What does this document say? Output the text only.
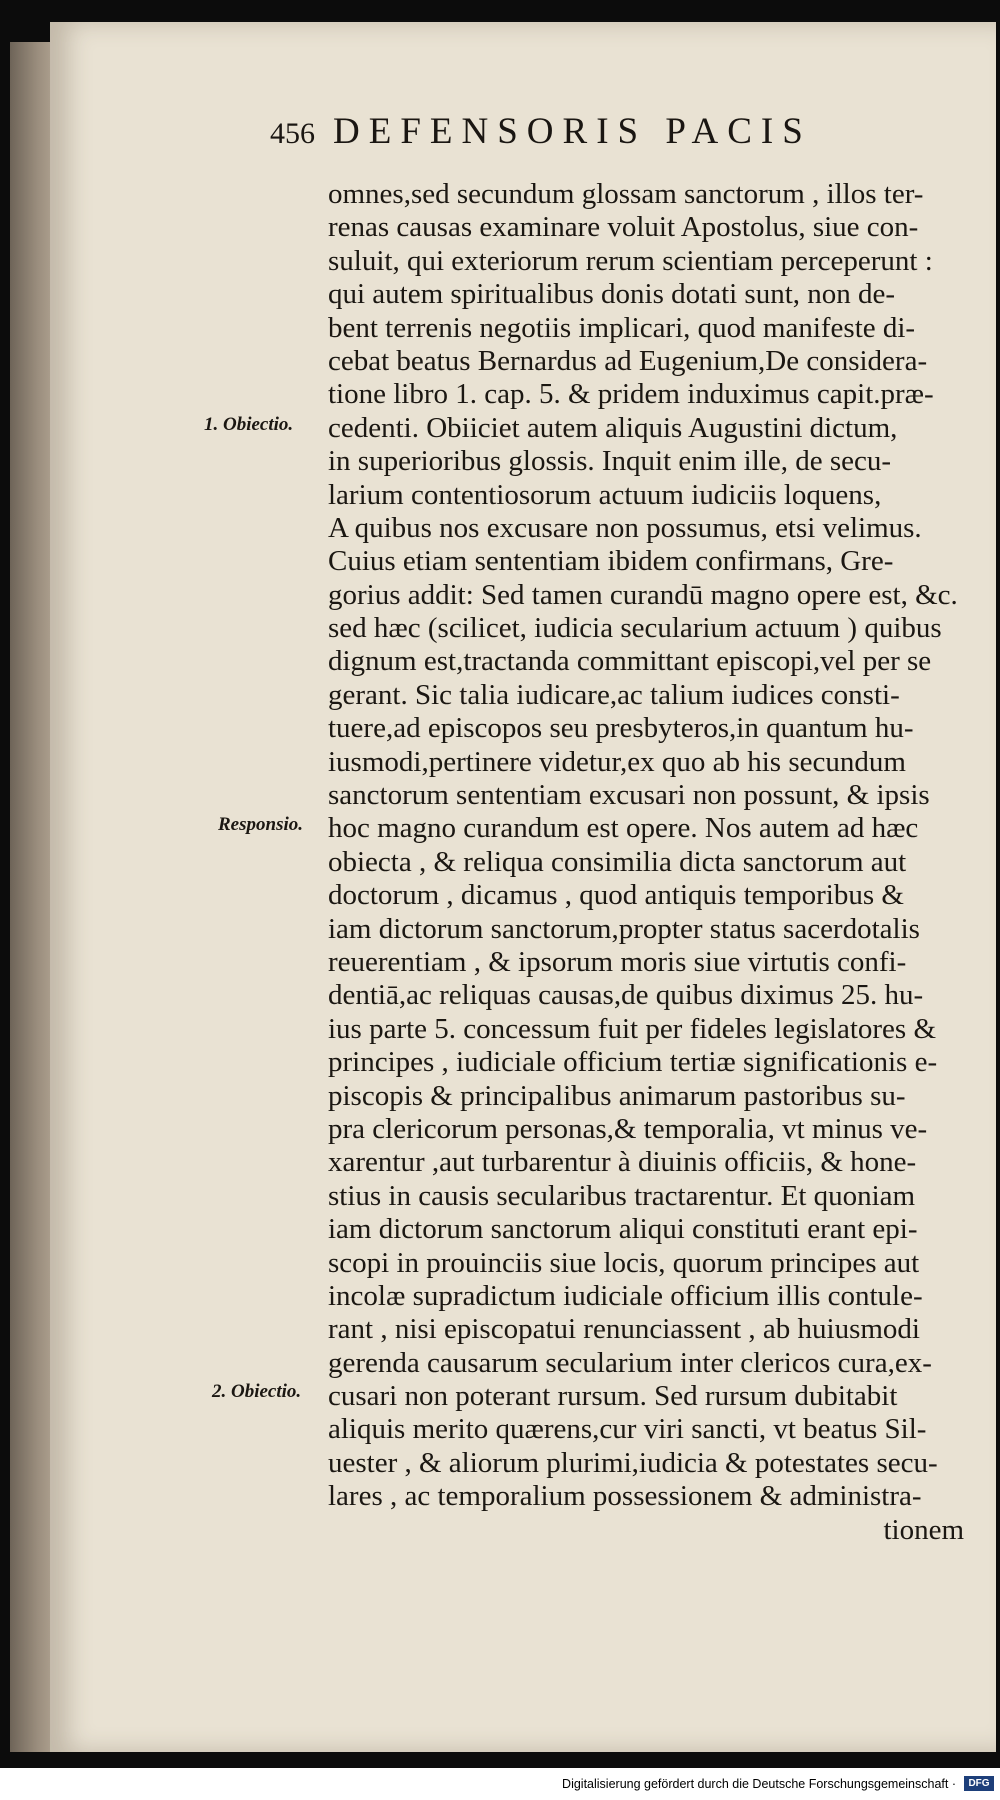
456 DEFENSORIS PACIS
omnes,sed secundum glossam sanctorum , illos ter-
renas causas examinare voluit Apostolus, siue con-
suluit, qui exteriorum rerum scientiam perceperunt :
qui autem spiritualibus donis dotati sunt, non de-
bent terrenis negotiis implicari, quod manifeste di-
cebat beatus Bernardus ad Eugenium,De considera-
tione libro 1. cap. 5. & pridem induximus capit.præ-
cedenti. Obiiciet autem aliquis Augustini dictum,
in superioribus glossis. Inquit enim ille, de secu-
larium contentiosorum actuum iudiciis loquens,
A quibus nos excusare non possumus, etsi velimus.
Cuius etiam sententiam ibidem confirmans, Gre-
gorius addit: Sed tamen curandū magno opere est, &c.
sed hæc (scilicet, iudicia secularium actuum ) quibus
dignum est,tractanda committant episcopi,vel per se
gerant. Sic talia iudicare,ac talium iudices consti-
tuere,ad episcopos seu presbyteros,in quantum hu-
iusmodi,pertinere videtur,ex quo ab his secundum
sanctorum sententiam excusari non possunt, & ipsis
hoc magno curandum est opere. Nos autem ad hæc
obiecta , & reliqua consimilia dicta sanctorum aut
doctorum , dicamus , quod antiquis temporibus &
iam dictorum sanctorum,propter status sacerdotalis
reuerentiam , & ipsorum moris siue virtutis confi-
dentiā,ac reliquas causas,de quibus diximus 25. hu-
ius parte 5. concessum fuit per fideles legislatores &
principes , iudiciale officium tertiæ significationis e-
piscopis & principalibus animarum pastoribus su-
pra clericorum personas,& temporalia, vt minus ve-
xarentur ,aut turbarentur à diuinis officiis, & hone-
stius in causis secularibus tractarentur. Et quoniam
iam dictorum sanctorum aliqui constituti erant epi-
scopi in prouinciis siue locis, quorum principes aut
incolæ supradictum iudiciale officium illis contule-
rant , nisi episcopatui renunciassent , ab huiusmodi
gerenda causarum secularium inter clericos cura,ex-
cusari non poterant rursum. Sed rursum dubitabit
aliquis merito quærens,cur viri sancti, vt beatus Sil-
uester , & aliorum plurimi,iudicia & potestates secu-
lares , ac temporalium possessionem & administra-
tionem
1. Obiectio.
Responsio.
2. Obiectio.
Digitalisierung gefördert durch die Deutsche Forschungsgemeinschaft ·	DFG
